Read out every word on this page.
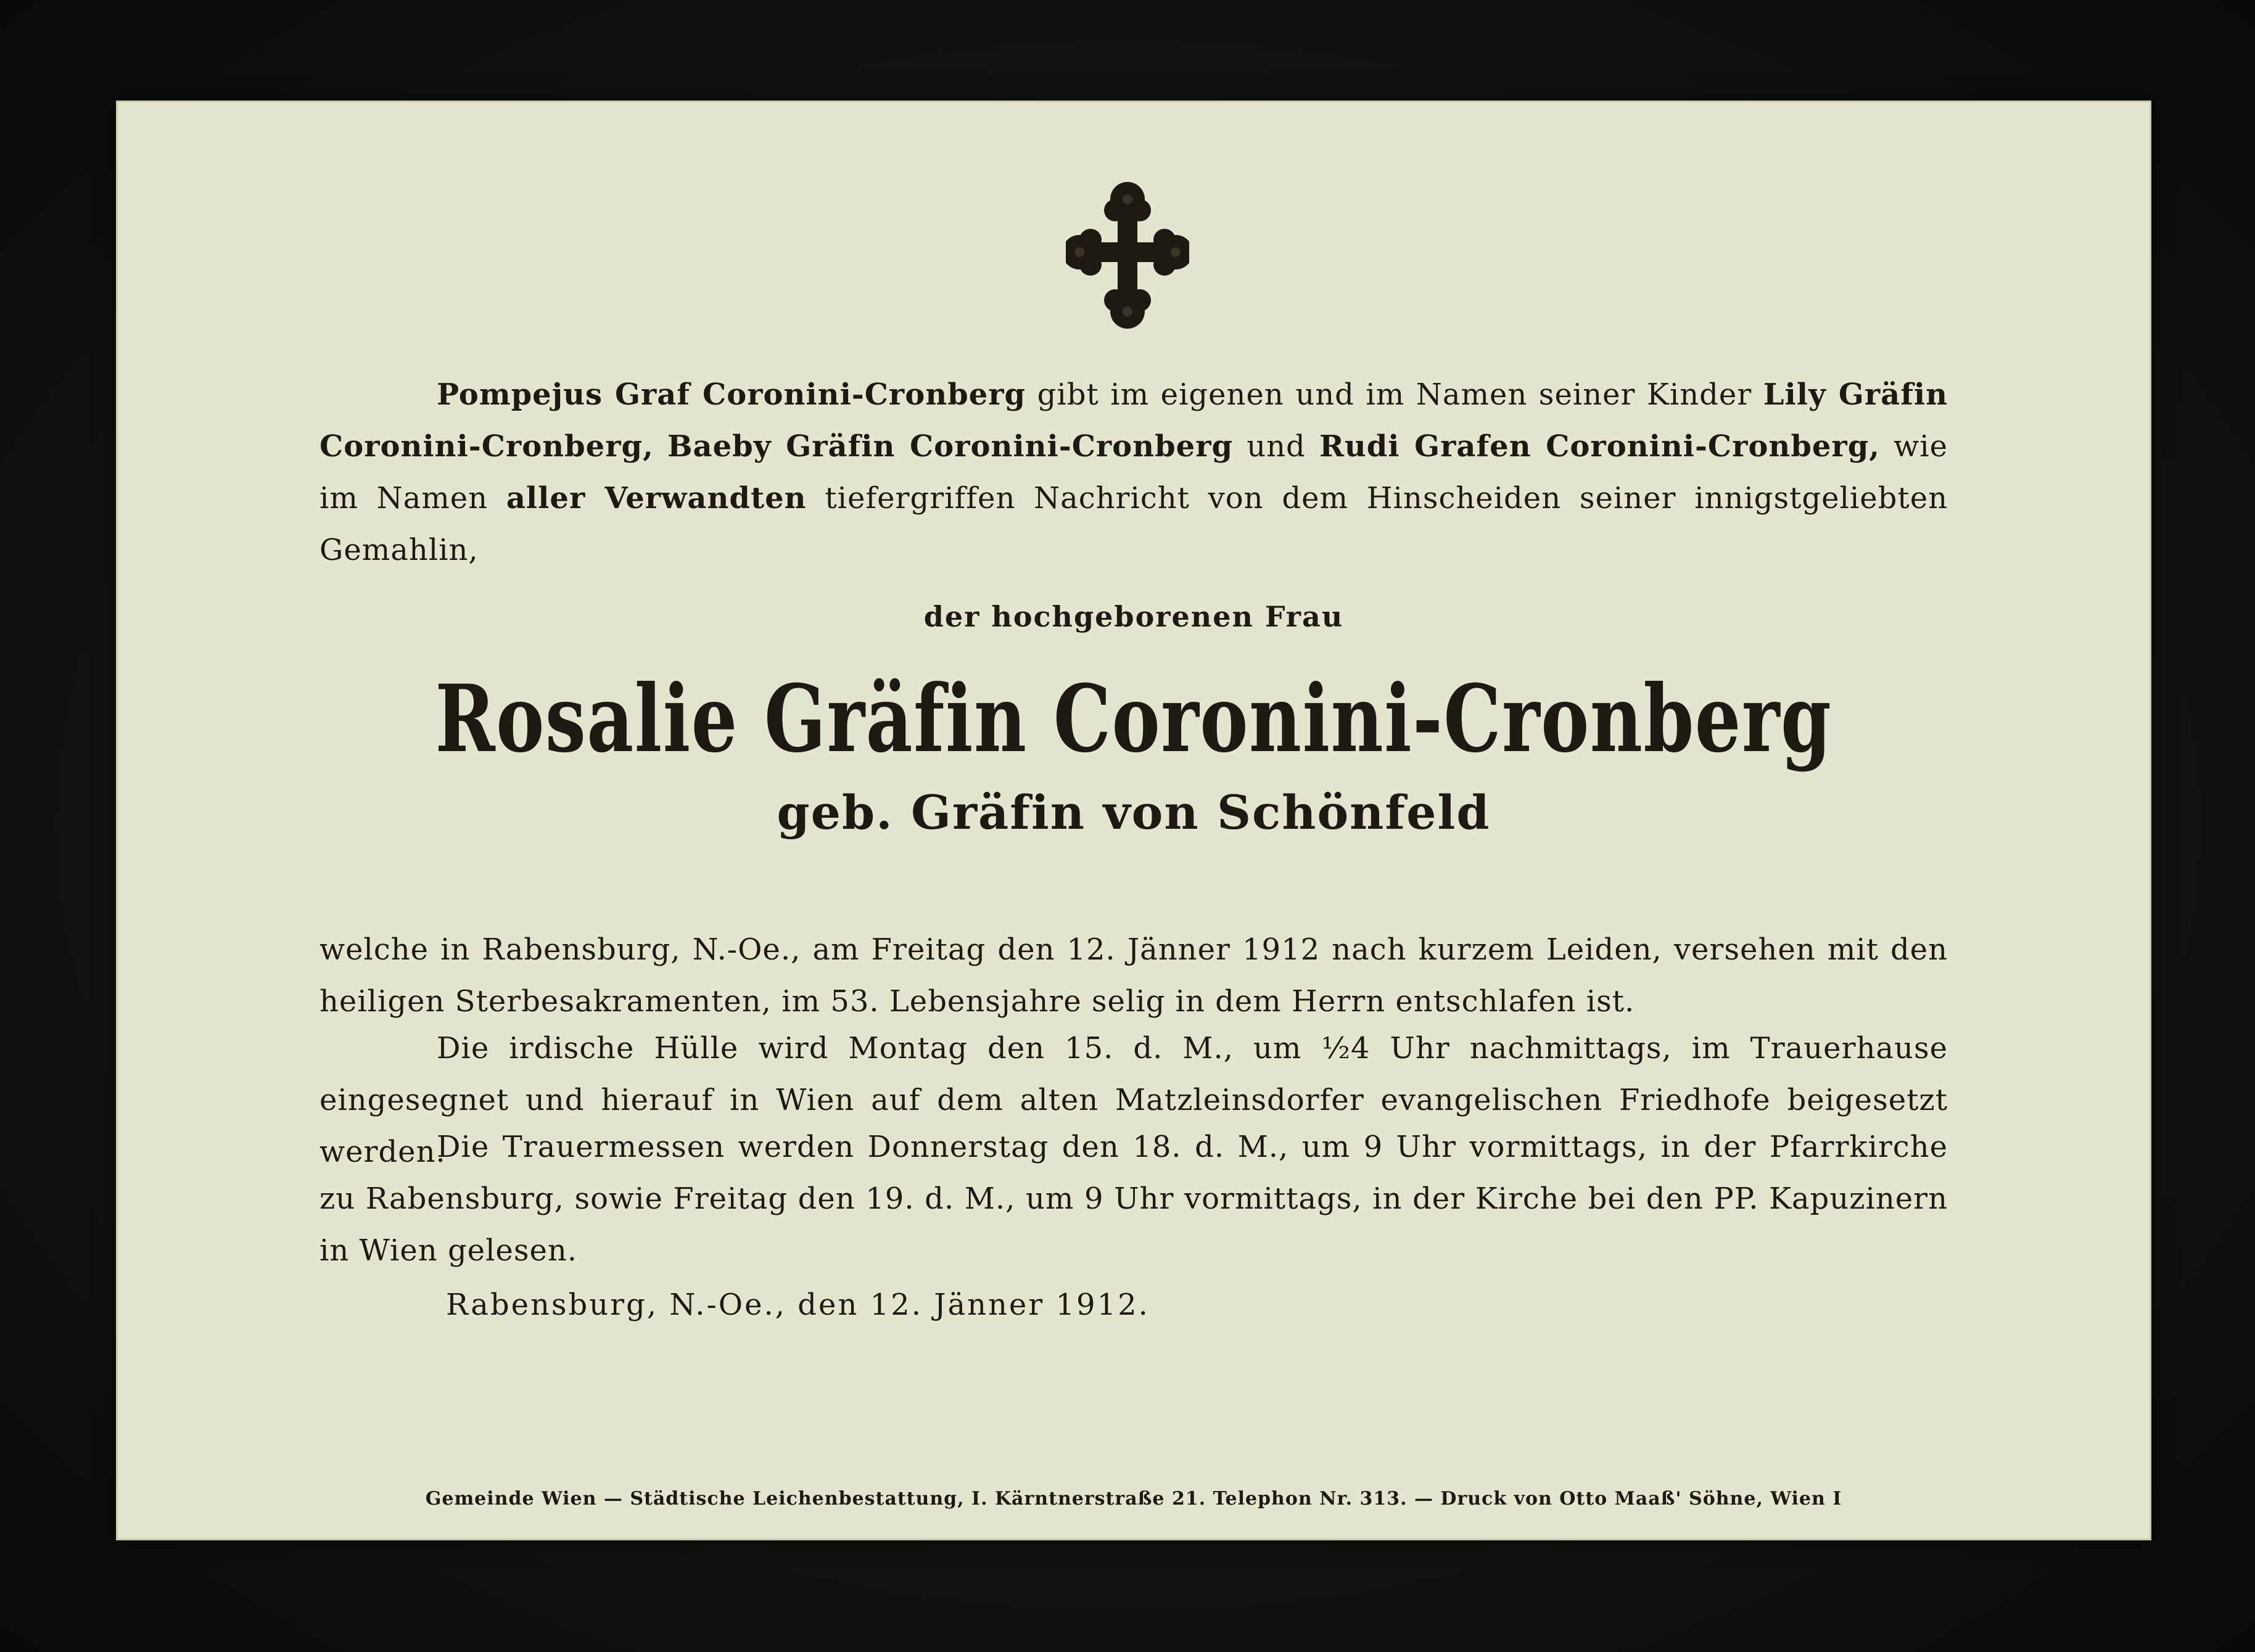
Pompejus Graf Coronini-Cronberg gibt im eigenen und im Namen seiner Kinder Lily Gräfin Coronini-Cronberg, Baeby Gräfin Coronini-Cronberg und Rudi Grafen Coronini-Cronberg, wie im Namen aller Verwandten tiefergriffen Nachricht von dem Hinscheiden seiner innigstgeliebten Gemahlin,
der hochgeborenen Frau
Rosalie Gräfin Coronini-Cronberg
geb. Gräfin von Schönfeld
welche in Rabensburg, N.-Oe., am Freitag den 12. Jänner 1912 nach kurzem Leiden, versehen mit den heiligen Sterbesakramenten, im 53. Lebensjahre selig in dem Herrn entschlafen ist.
Die irdische Hülle wird Montag den 15. d. M., um ½4 Uhr nachmittags, im Trauerhause eingesegnet und hierauf in Wien auf dem alten Matzleinsdorfer evangelischen Friedhofe beigesetzt werden.
Die Trauermessen werden Donnerstag den 18. d. M., um 9 Uhr vormittags, in der Pfarrkirche zu Rabensburg, sowie Freitag den 19. d. M., um 9 Uhr vormittags, in der Kirche bei den PP. Kapuzinern in Wien gelesen.
Rabensburg, N.-Oe., den 12. Jänner 1912.
Gemeinde Wien — Städtische Leichenbestattung, I. Kärntnerstraße 21. Telephon Nr. 313. — Druck von Otto Maaß' Söhne, Wien I
